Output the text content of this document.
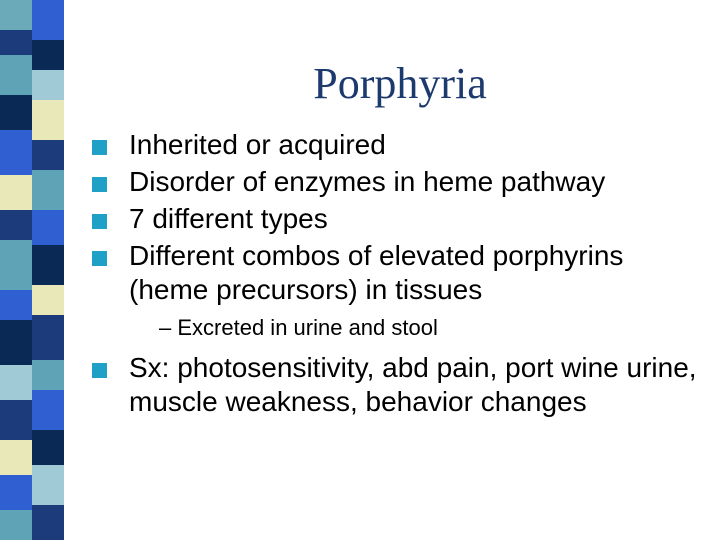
Porphyria
Inherited or acquired
Disorder of enzymes in heme pathway
7 different types
Different combos of elevated porphyrins (heme precursors) in tissues
– Excreted in urine and stool
Sx: photosensitivity, abd pain, port wine urine, muscle weakness, behavior changes
